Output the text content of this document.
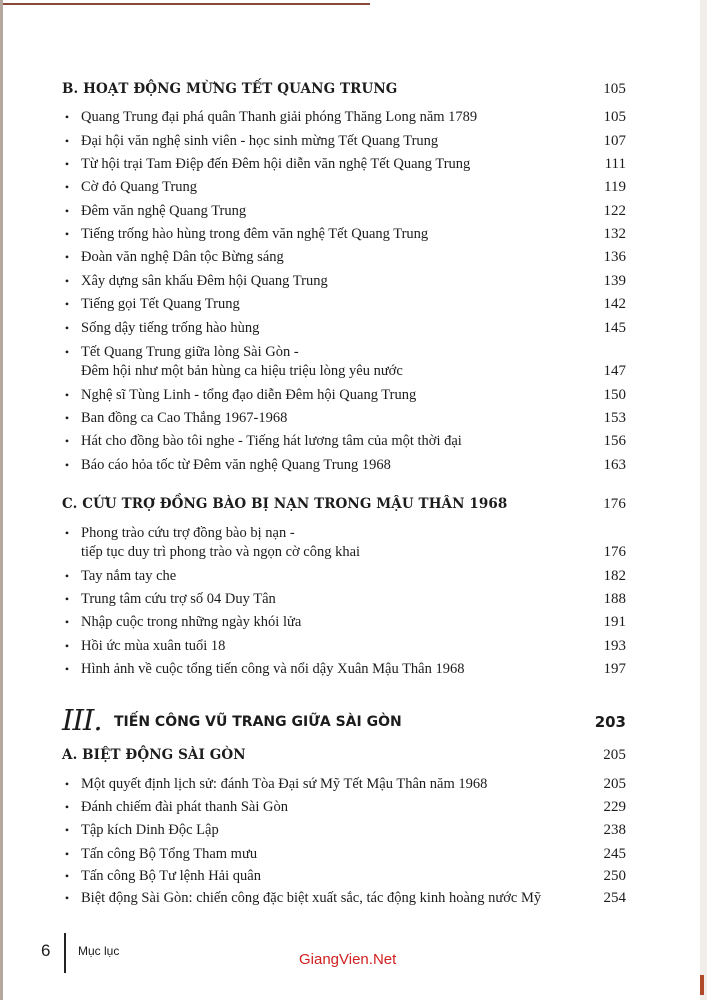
B. HOẠT ĐỘNG MỪNG TẾT QUANG TRUNG	105
• Quang Trung đại phá quân Thanh giải phóng Thăng Long năm 1789	105
• Đại hội văn nghệ sinh viên - học sinh mừng Tết Quang Trung	107
• Từ hội trại Tam Điệp đến Đêm hội diễn văn nghệ Tết Quang Trung	111
• Cờ đỏ Quang Trung	119
• Đêm văn nghệ Quang Trung	122
• Tiếng trống hào hùng trong đêm văn nghệ Tết Quang Trung	132
• Đoàn văn nghệ Dân tộc Bừng sáng	136
• Xây dựng sân khấu Đêm hội Quang Trung	139
• Tiếng gọi Tết Quang Trung	142
• Sống dậy tiếng trống hào hùng	145
• Tết Quang Trung giữa lòng Sài Gòn -
Đêm hội như một bản hùng ca hiệu triệu lòng yêu nước	147
• Nghệ sĩ Tùng Linh - tổng đạo diễn Đêm hội Quang Trung	150
• Ban đồng ca Cao Thắng 1967-1968	153
• Hát cho đồng bào tôi nghe - Tiếng hát lương tâm của một thời đại	156
• Báo cáo hỏa tốc từ Đêm văn nghệ Quang Trung 1968	163
C. CỨU TRỢ ĐỒNG BÀO BỊ NẠN TRONG MẬU THÂN 1968	176
• Phong trào cứu trợ đồng bào bị nạn -
tiếp tục duy trì phong trào và ngọn cờ công khai	176
• Tay nắm tay che	182
• Trung tâm cứu trợ số 04 Duy Tân	188
• Nhập cuộc trong những ngày khói lửa	191
• Hồi ức mùa xuân tuổi 18	193
• Hình ảnh về cuộc tổng tiến công và nổi dậy Xuân Mậu Thân 1968	197
III. TIẾN CÔNG VŨ TRANG GIỮA SÀI GÒN	203
A. BIỆT ĐỘNG SÀI GÒN	205
• Một quyết định lịch sử: đánh Tòa Đại sứ Mỹ Tết Mậu Thân năm 1968	205
• Đánh chiếm đài phát thanh Sài Gòn	229
• Tập kích Dinh Độc Lập	238
• Tấn công Bộ Tổng Tham mưu	245
• Tấn công Bộ Tư lệnh Hải quân	250
• Biệt động Sài Gòn: chiến công đặc biệt xuất sắc, tác động kinh hoàng nước Mỹ	254
6 Mục lục	GiangVien.Net
